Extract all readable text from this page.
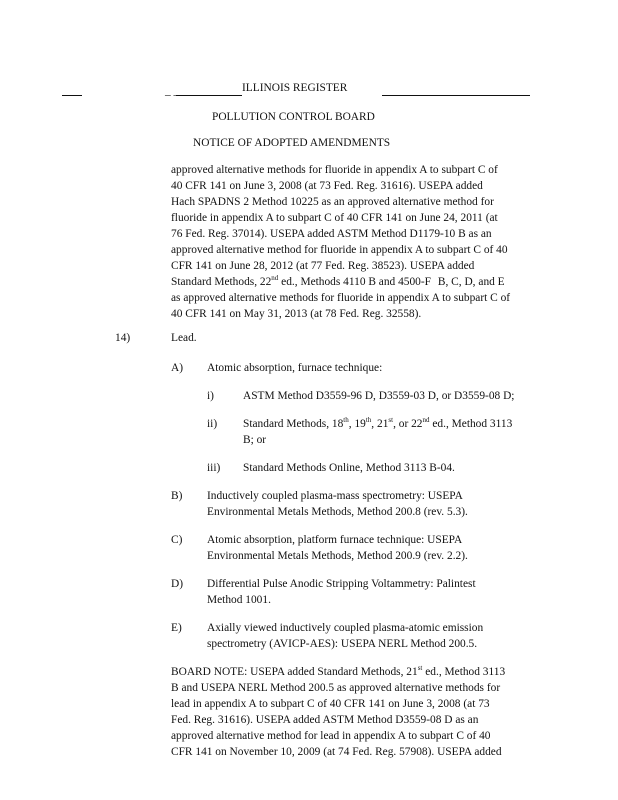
_ _	ILLINOIS REGISTER
POLLUTION CONTROL BOARD
NOTICE OF ADOPTED AMENDMENTS
approved alternative methods for fluoride in appendix A to subpart C of
40 CFR 141 on June 3, 2008 (at 73 Fed. Reg. 31616). USEPA added
Hach SPADNS 2 Method 10225 as an approved alternative method for
fluoride in appendix A to subpart C of 40 CFR 141 on June 24, 2011 (at
76 Fed. Reg. 37014). USEPA added ASTM Method D1179-10 B as an
approved alternative method for fluoride in appendix A to subpart C of 40
CFR 141 on June 28, 2012 (at 77 Fed. Reg. 38523). USEPA added
Standard Methods, 22nd ed., Methods 4110 B and 4500-F B, C, D, and E
as approved alternative methods for fluoride in appendix A to subpart C of
40 CFR 141 on May 31, 2013 (at 78 Fed. Reg. 32558).
14)	Lead.
A) Atomic absorption, furnace technique:
i)	ASTM Method D3559-96 D, D3559-03 D, or D3559-08 D;
ii) Standard Methods, 18th, 19th, 21st, or 22nd ed., Method 3113
B; or
iii) Standard Methods Online, Method 3113 B-04.
B) Inductively coupled plasma-mass spectrometry: USEPA
Environmental Metals Methods, Method 200.8 (rev. 5.3).
C) Atomic absorption, platform furnace technique: USEPA
Environmental Metals Methods, Method 200.9 (rev. 2.2).
D) Differential Pulse Anodic Stripping Voltammetry: Palintest
Method 1001.
E) Axially viewed inductively coupled plasma-atomic emission
spectrometry (AVICP-AES): USEPA NERL Method 200.5.
BOARD NOTE: USEPA added Standard Methods, 21st ed., Method 3113
B and USEPA NERL Method 200.5 as approved alternative methods for
lead in appendix A to subpart C of 40 CFR 141 on June 3, 2008 (at 73
Fed. Reg. 31616). USEPA added ASTM Method D3559-08 D as an
approved alternative method for lead in appendix A to subpart C of 40
CFR 141 on November 10, 2009 (at 74 Fed. Reg. 57908). USEPA added
